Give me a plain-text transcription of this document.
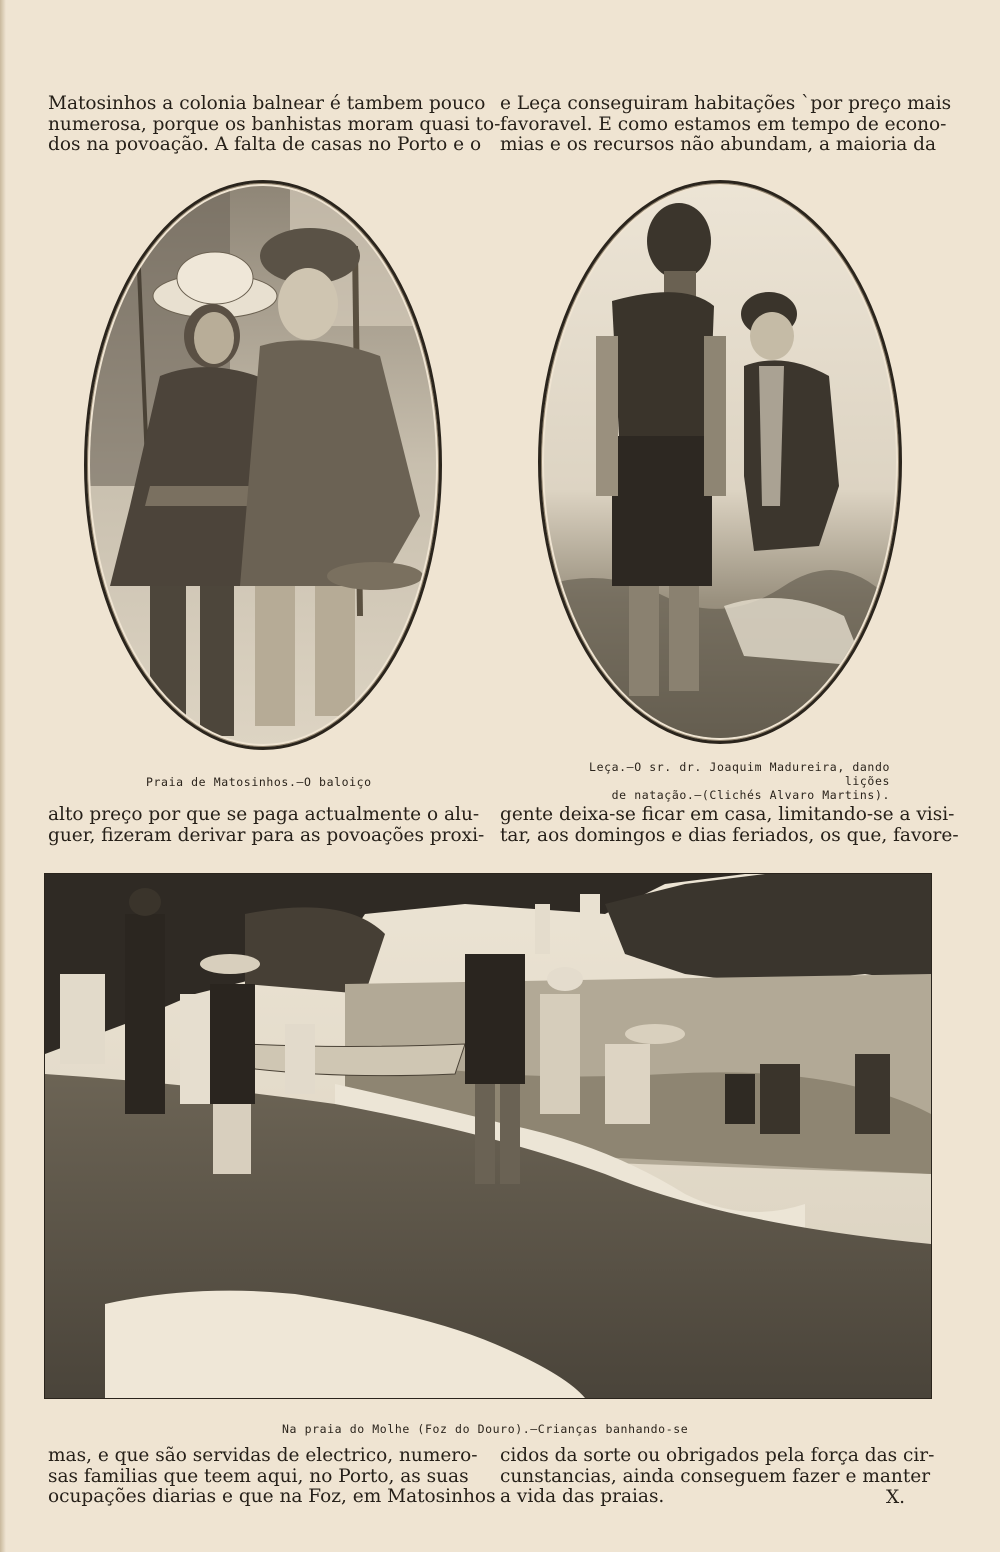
Matosinhos a colonia balnear é tambem pouco
numerosa, porque os banhistas moram quasi to-
dos na povoação. A falta de casas no Porto e o
e Leça conseguiram habitações `por preço mais
favoravel. E como estamos em tempo de econo-
mias e os recursos não abundam, a maioria da
Praia de Matosinhos.—O baloiço
Leça.—O sr. dr. Joaquim Madureira, dando lições
de natação.—(Clichés Alvaro Martins).
alto preço por que se paga actualmente o alu-
guer, fizeram derivar para as povoações proxi-
gente deixa-se ficar em casa, limitando-se a visi-
tar, aos domingos e dias feriados, os que, favore-
Na praia do Molhe (Foz do Douro).—Crianças banhando-se
mas, e que são servidas de electrico, numero-
sas familias que teem aqui, no Porto, as suas
ocupações diarias e que na Foz, em Matosinhos
cidos da sorte ou obrigados pela força das cir-
cunstancias, ainda conseguem fazer e manter
a vida das praias.	X.
